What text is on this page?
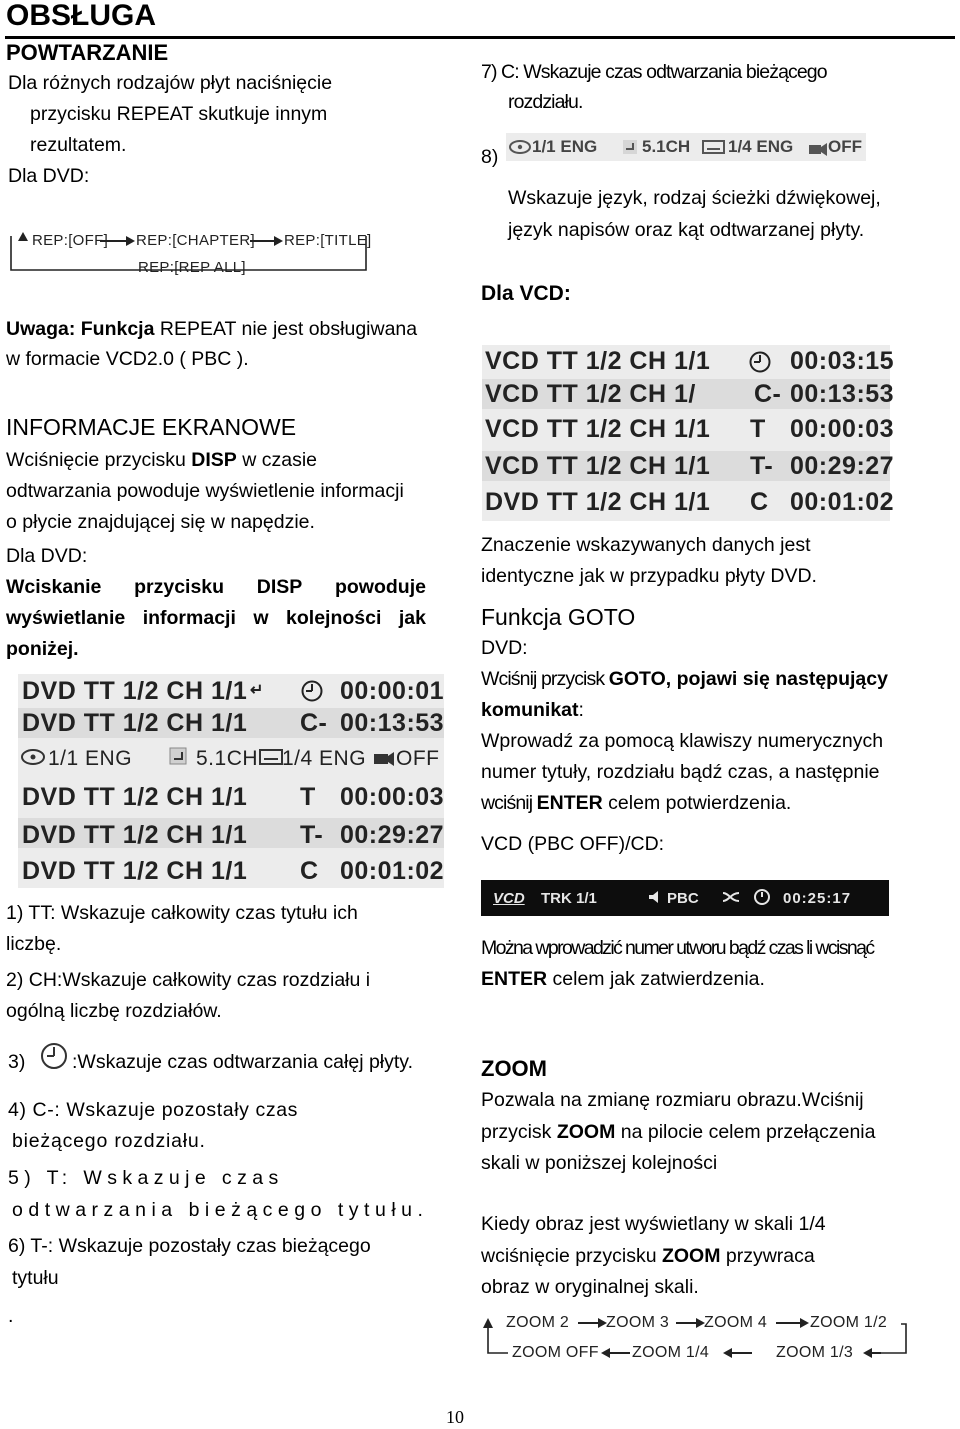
OBSŁUGA
POWTARZANIE
Dla różnych rodzajów płyt naciśnięcie
przycisku REPEAT skutkuje innym
rezultatem.
Dla DVD:
REP:[OFF] REP:[CHAPTER] REP:[TITLE]
REP:[REP ALL]
Uwaga: Funkcja REPEAT nie jest obsługiwana
w formacie VCD2.0 ( PBC ).
INFORMACJE EKRANOWE
Wciśnięcie przycisku DISP w czasie
odtwarzania powoduje wyświetlenie informacji
o płycie znajdującej się w napędzie.
Dla DVD:
Wciskanie przycisku DISP powoduje
wyświetlanie informacji w kolejności jak
poniżej.
DVD TT 1/2 CH 1/1 ↵	00:00:01
DVD TT 1/2 CH 1/1 C- 00:13:53
1/1 ENG	5.1CH 1/4 ENG OFF
DVD TT 1/2 CH 1/1 T 00:00:03
DVD TT 1/2 CH 1/1 T- 00:29:27
DVD TT 1/2 CH 1/1 C 00:01:02
1) TT: Wskazuje całkowity czas tytułu ich
liczbę.
2) CH:Wskazuje całkowity czas rozdziału i
ogólną liczbę rozdziałów.
3) :Wskazuje czas odtwarzania całęj płyty.
4) C-: Wskazuje pozostały czas
bieżącego rozdziału.
5) T: Wskazuje czas
odtwarzania bieżącego tytułu.
6) T-: Wskazuje pozostały czas bieżącego
tytułu
.
7) C: Wskazuje czas odtwarzania bieżącego
rozdziału.
8) 1/1 ENG	5.1CH 1/4 ENG OFF
Wskazuje język, rodzaj ścieżki dźwiękowej,
język napisów oraz kąt odtwarzanej płyty.
Dla VCD:
VCD TT 1/2 CH 1/1	00:03:15
VCD TT 1/2 CH 1/ C- 00:13:53
VCD TT 1/2 CH 1/1 T 00:00:03
VCD TT 1/2 CH 1/1 T- 00:29:27
DVD TT 1/2 CH 1/1 C 00:01:02
Znaczenie wskazywanych danych jest
identyczne jak w przypadku płyty DVD.
Funkcja GOTO
DVD:
Wciśnij przycisk GOTO, pojawi się następujący
komunikat:
Wprowadź za pomocą klawiszy numerycznych
numer tytuły, rozdziału bądź czas, a następnie
wciśnij ENTER celem potwierdzenia.
VCD (PBC OFF)/CD:
VCD TRK 1/1	PBC	00:25:17
Można wprowadzić numer utworu bądź czas li wcisnąć
ENTER celem jak zatwierdzenia.
ZOOM
Pozwala na zmianę rozmiaru obrazu.Wciśnij
przycisk ZOOM na pilocie celem przełączenia
skali w poniższej kolejności
Kiedy obraz jest wyświetlany w skali 1/4
wciśnięcie przycisku ZOOM przywraca
obraz w oryginalnej skali.
ZOOM 2 ZOOM 3 ZOOM 4	ZOOM 1/2
ZOOM OFF ZOOM 1/4	ZOOM 1/3
10
